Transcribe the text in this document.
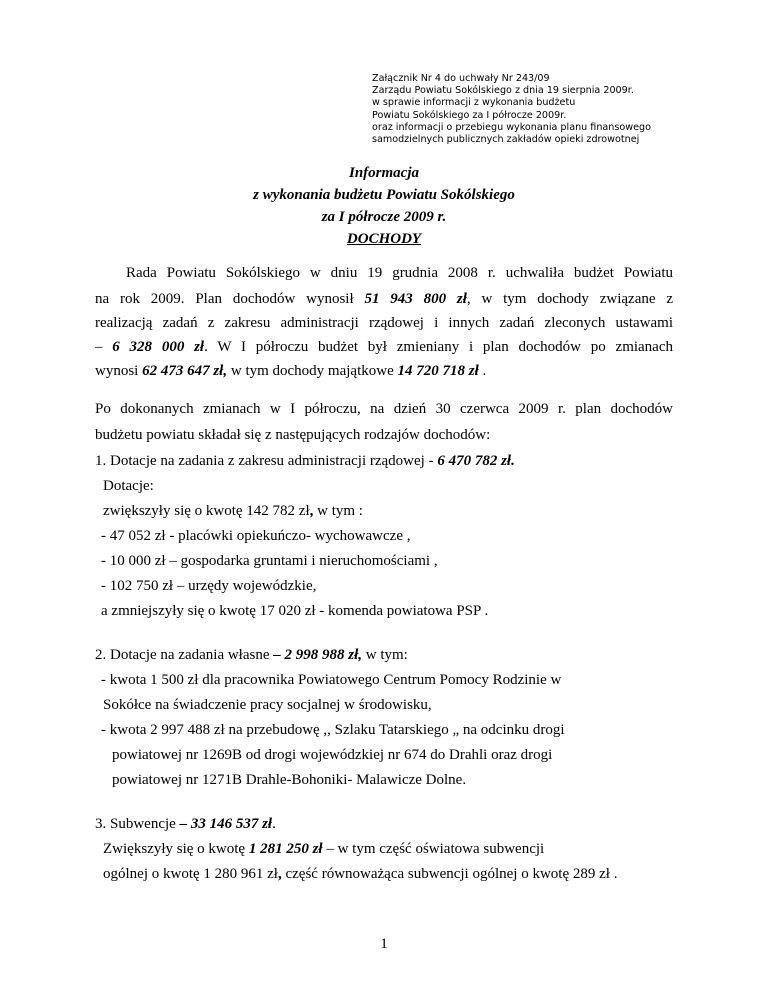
Załącznik Nr 4 do uchwały Nr 243/09
Zarządu Powiatu Sokólskiego z dnia 19 sierpnia 2009r.
w sprawie informacji z wykonania budżetu
Powiatu Sokólskiego za I półrocze 2009r.
oraz informacji o przebiegu wykonania planu finansowego
samodzielnych publicznych zakładów opieki zdrowotnej
Informacja
z wykonania budżetu Powiatu Sokólskiego
za I półrocze 2009 r.
DOCHODY
Rada Powiatu Sokólskiego w dniu 19 grudnia 2008 r. uchwaliła budżet Powiatu
na rok 2009. Plan dochodów wynosił 51 943 800 zł, w tym dochody związane z
realizacją zadań z zakresu administracji rządowej i innych zadań zleconych ustawami
– 6 328 000 zł. W I półroczu budżet był zmieniany i plan dochodów po zmianach
wynosi 62 473 647 zł, w tym dochody majątkowe 14 720 718 zł .
Po dokonanych zmianach w I półroczu, na dzień 30 czerwca 2009 r. plan dochodów
budżetu powiatu składał się z następujących rodzajów dochodów:
1. Dotacje na zadania z zakresu administracji rządowej - 6 470 782 zł.
Dotacje:
zwiększyły się o kwotę 142 782 zł, w tym :
- 47 052 zł - placówki opiekuńczo- wychowawcze ,
- 10 000 zł – gospodarka gruntami i nieruchomościami ,
- 102 750 zł – urzędy wojewódzkie,
a zmniejszyły się o kwotę 17 020 zł - komenda powiatowa PSP .
2. Dotacje na zadania własne – 2 998 988 zł, w tym:
- kwota 1 500 zł dla pracownika Powiatowego Centrum Pomocy Rodzinie w
Sokółce na świadczenie pracy socjalnej w środowisku,
- kwota 2 997 488 zł na przebudowę ,, Szlaku Tatarskiego „ na odcinku drogi
powiatowej nr 1269B od drogi wojewódzkiej nr 674 do Drahli oraz drogi
powiatowej nr 1271B Drahle-Bohoniki- Malawicze Dolne.
3. Subwencje – 33 146 537 zł.
Zwiększyły się o kwotę 1 281 250 zł – w tym część oświatowa subwencji
ogólnej o kwotę 1 280 961 zł, część równoważąca subwencji ogólnej o kwotę 289 zł .
1
